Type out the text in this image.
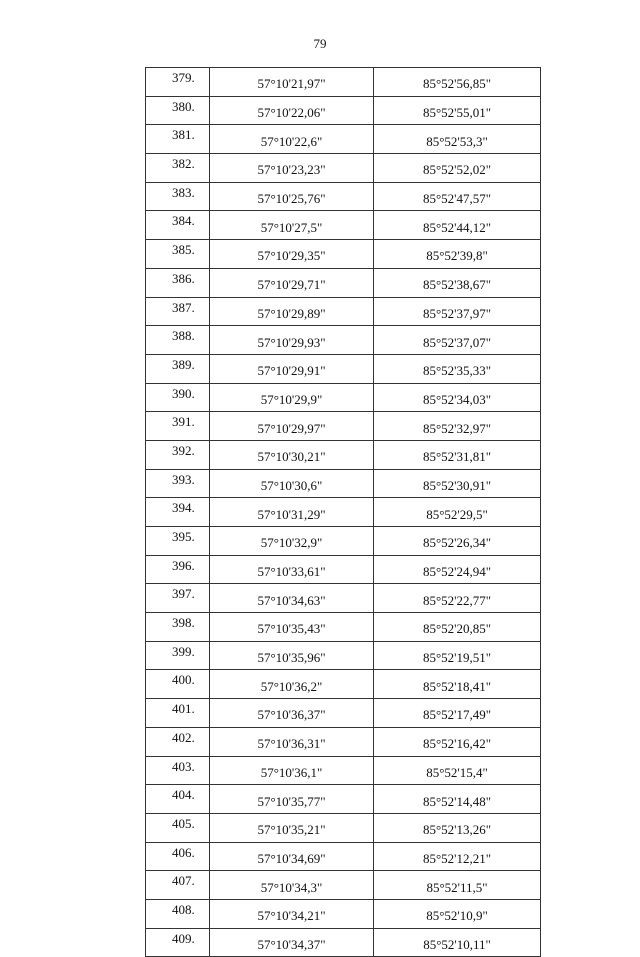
79
379.	57°10'21,97"	85°52'56,85"
380.	57°10'22,06"	85°52'55,01"
381.	57°10'22,6"	85°52'53,3"
382.	57°10'23,23"	85°52'52,02"
383.	57°10'25,76"	85°52'47,57"
384.	57°10'27,5"	85°52'44,12"
385.	57°10'29,35"	85°52'39,8"
386.	57°10'29,71"	85°52'38,67"
387.	57°10'29,89"	85°52'37,97"
388.	57°10'29,93"	85°52'37,07"
389.	57°10'29,91"	85°52'35,33"
390.	57°10'29,9"	85°52'34,03"
391.	57°10'29,97"	85°52'32,97"
392.	57°10'30,21"	85°52'31,81"
393.	57°10'30,6"	85°52'30,91"
394.	57°10'31,29"	85°52'29,5"
395.	57°10'32,9"	85°52'26,34"
396.	57°10'33,61"	85°52'24,94"
397.	57°10'34,63"	85°52'22,77"
398.	57°10'35,43"	85°52'20,85"
399.	57°10'35,96"	85°52'19,51"
400.	57°10'36,2"	85°52'18,41"
401.	57°10'36,37"	85°52'17,49"
402.	57°10'36,31"	85°52'16,42"
403.	57°10'36,1"	85°52'15,4"
404.	57°10'35,77"	85°52'14,48"
405.	57°10'35,21"	85°52'13,26"
406.	57°10'34,69"	85°52'12,21"
407.	57°10'34,3"	85°52'11,5"
408.	57°10'34,21"	85°52'10,9"
409.	57°10'34,37"	85°52'10,11"
